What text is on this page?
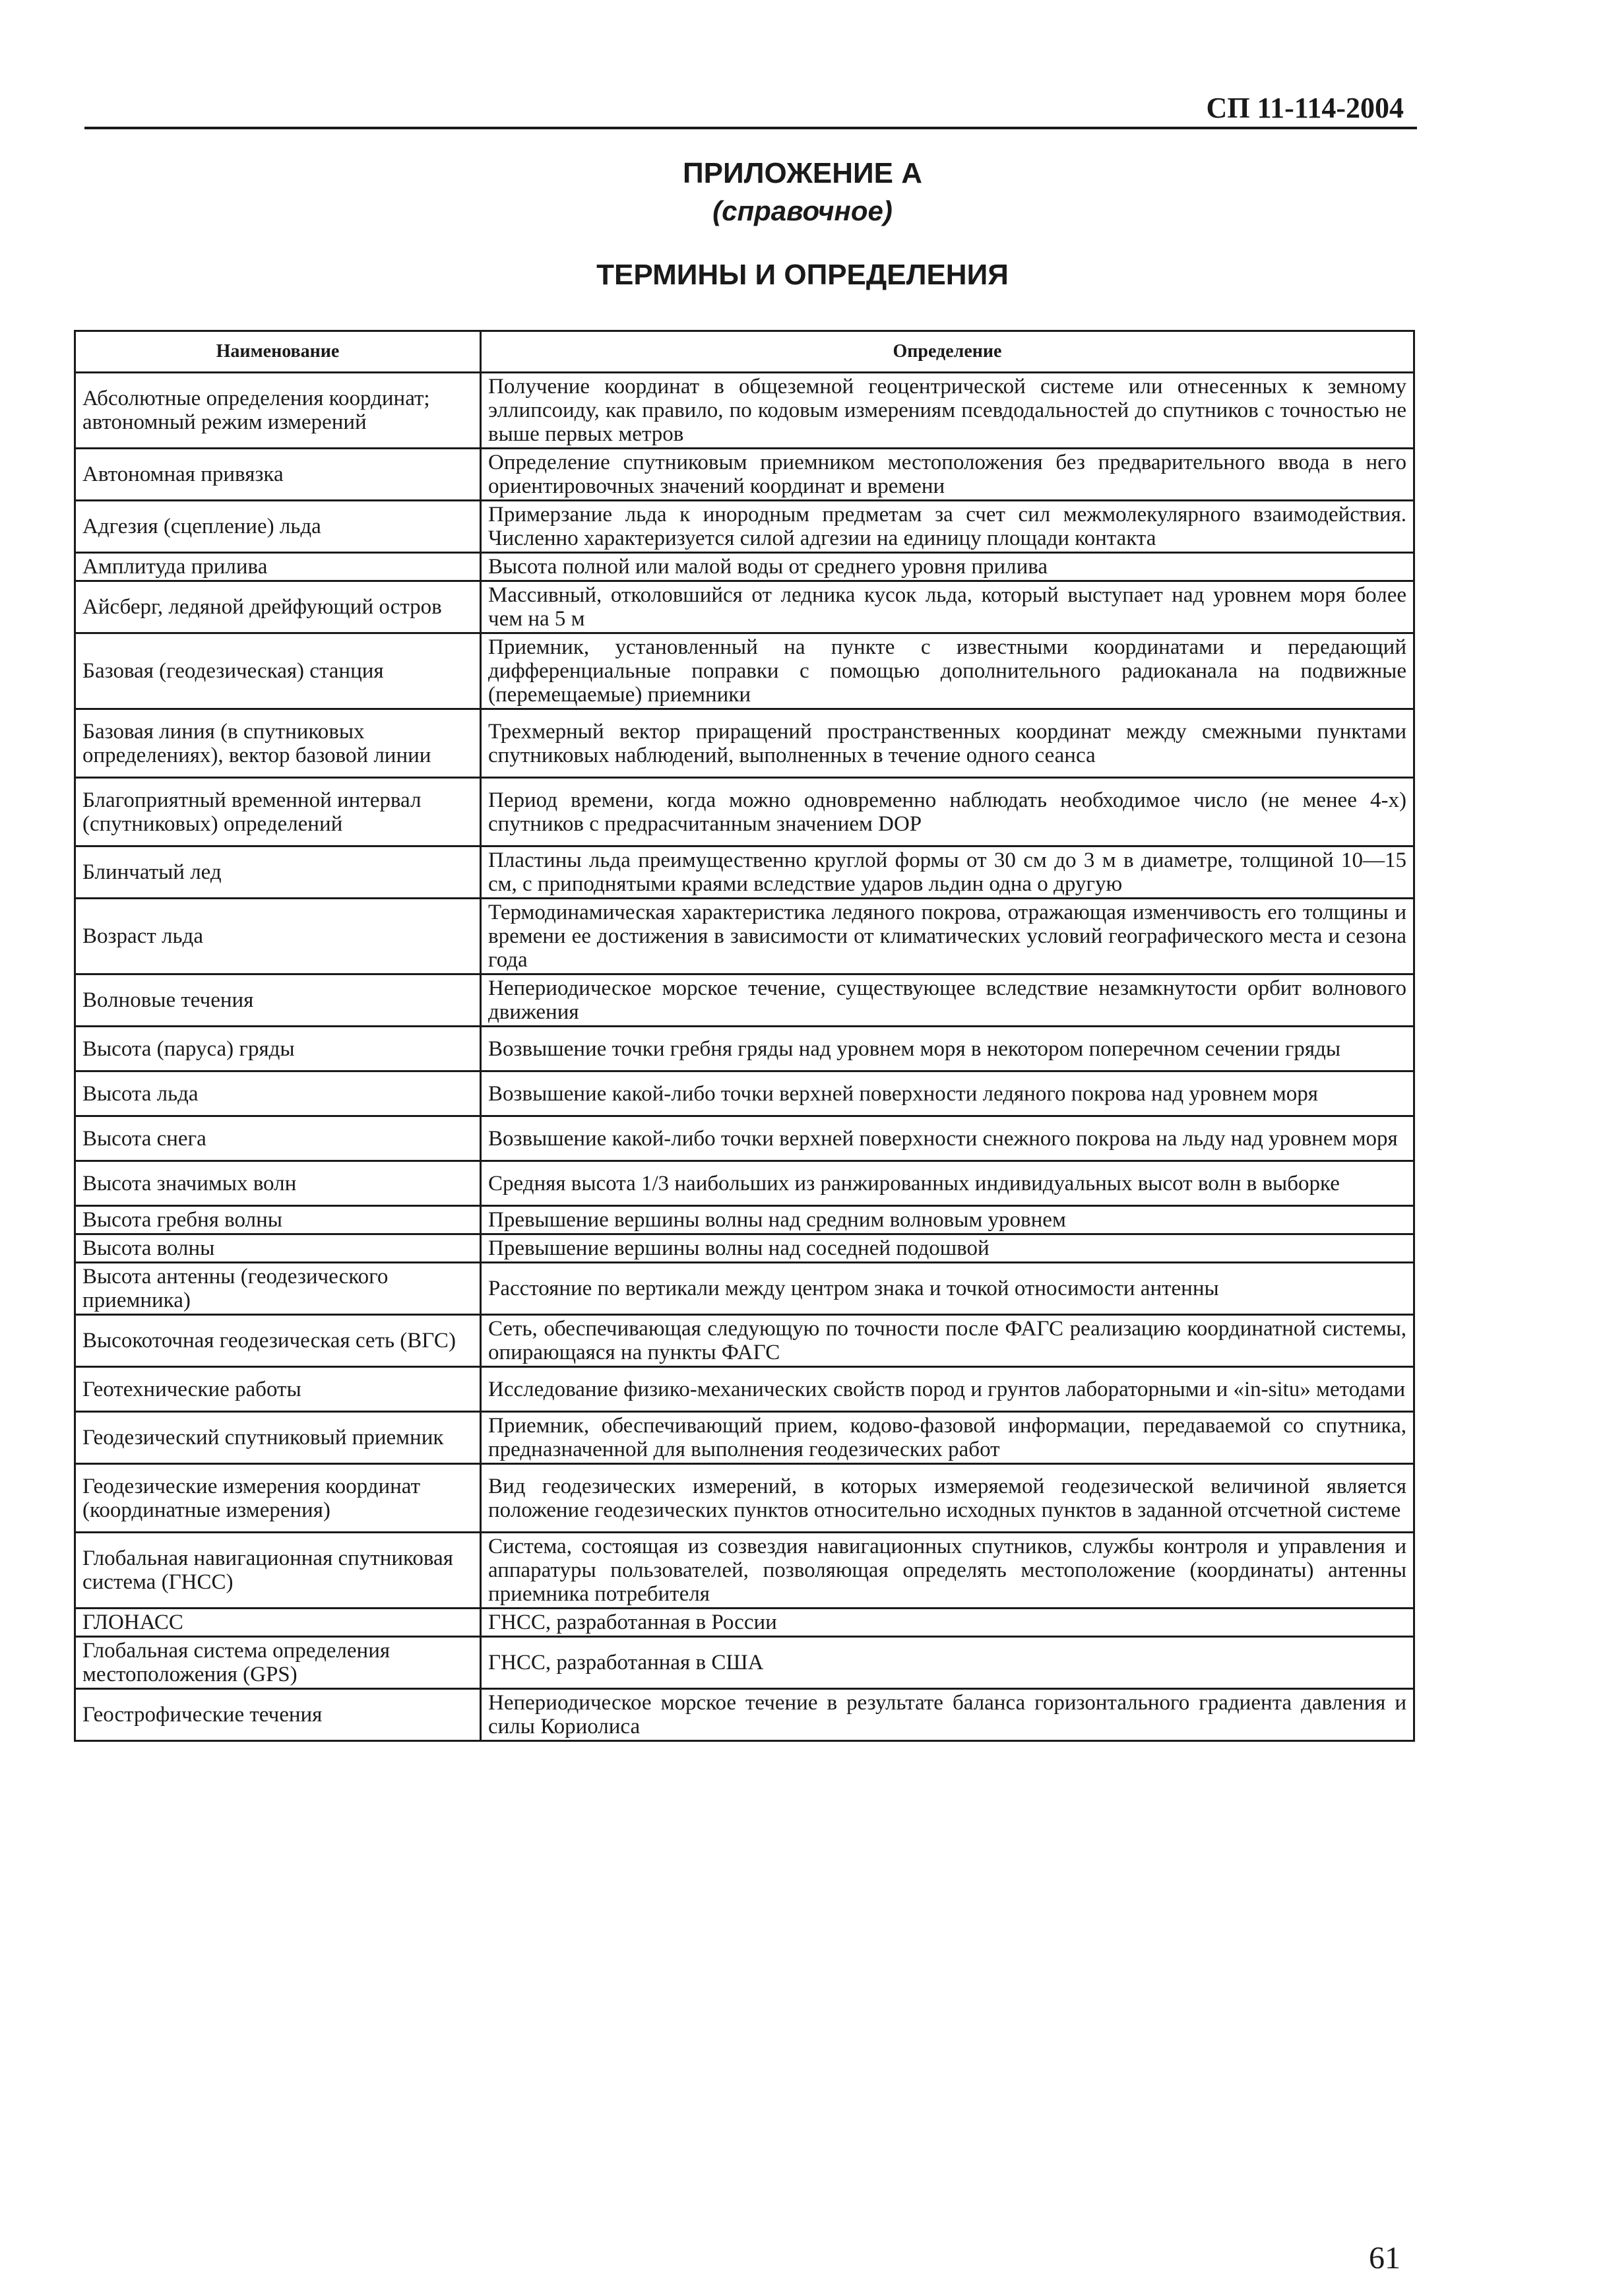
СП 11-114-2004
ПРИЛОЖЕНИЕ А
(справочное)
ТЕРМИНЫ И ОПРЕДЕЛЕНИЯ
Наименование	Определение
Абсолютные определения координат; автономный режим измерений	Получение координат в общеземной геоцентрической системе или отнесенных к земному эллипсоиду, как правило, по кодовым измерениям псевдодальностей до спутников с точностью не выше первых метров
Автономная привязка	Определение спутниковым приемником местоположения без предварительного ввода в него ориентировочных значений координат и времени
Адгезия (сцепление) льда	Примерзание льда к инородным предметам за счет сил межмолекулярного взаимодействия. Численно характеризуется силой адгезии на единицу площади контакта
Амплитуда прилива	Высота полной или малой воды от среднего уровня прилива
Айсберг, ледяной дрейфующий остров	Массивный, отколовшийся от ледника кусок льда, который выступает над уровнем моря более чем на 5 м
Базовая (геодезическая) станция	Приемник, установленный на пункте с известными координатами и передающий дифференциальные поправки с помощью дополнительного радиоканала на подвижные (перемещаемые) приемники
Базовая линия (в спутниковых определениях), вектор базовой линии	Трехмерный вектор приращений пространственных координат между смежными пунктами спутниковых наблюдений, выполненных в течение одного сеанса
Благоприятный временной интервал (спутниковых) определений	Период времени, когда можно одновременно наблюдать необходимое число (не менее 4-х) спутников с предрасчитанным значением DOP
Блинчатый лед	Пластины льда преимущественно круглой формы от 30 см до 3 м в диаметре, толщиной 10—15 см, с приподнятыми краями вследствие ударов льдин одна о другую
Возраст льда	Термодинамическая характеристика ледяного покрова, отражающая изменчивость его толщины и времени ее достижения в зависимости от климатических условий географического места и сезона года
Волновые течения	Непериодическое морское течение, существующее вследствие незамкнутости орбит волнового движения
Высота (паруса) гряды	Возвышение точки гребня гряды над уровнем моря в некотором поперечном сечении гряды
Высота льда	Возвышение какой-либо точки верхней поверхности ледяного покрова над уровнем моря
Высота снега	Возвышение какой-либо точки верхней поверхности снежного покрова на льду над уровнем моря
Высота значимых волн	Средняя высота 1/3 наибольших из ранжированных индивидуальных высот волн в выборке
Высота гребня волны	Превышение вершины волны над средним волновым уровнем
Высота волны	Превышение вершины волны над соседней подошвой
Высота антенны (геодезического приемника)	Расстояние по вертикали между центром знака и точкой относимости антенны
Высокоточная геодезическая сеть (ВГС)	Сеть, обеспечивающая следующую по точности после ФАГС реализацию координатной системы, опирающаяся на пункты ФАГС
Геотехнические работы	Исследование физико-механических свойств пород и грунтов лабораторными и «in-situ» методами
Геодезический спутниковый приемник	Приемник, обеспечивающий прием, кодово-фазовой информации, передаваемой со спутника, предназначенной для выполнения геодезических работ
Геодезические измерения координат (координатные измерения)	Вид геодезических измерений, в которых измеряемой геодезической величиной является положение геодезических пунктов относительно исходных пунктов в заданной отсчетной системе
Глобальная навигационная спутниковая система (ГНСС)	Система, состоящая из созвездия навигационных спутников, службы контроля и управления и аппаратуры пользователей, позволяющая определять местоположение (координаты) антенны приемника потребителя
ГЛОНАСС	ГНСС, разработанная в России
Глобальная система определения местоположения (GPS)	ГНСС, разработанная в США
Геострофические течения	Непериодическое морское течение в результате баланса горизонтального градиента давления и силы Кориолиса
61
